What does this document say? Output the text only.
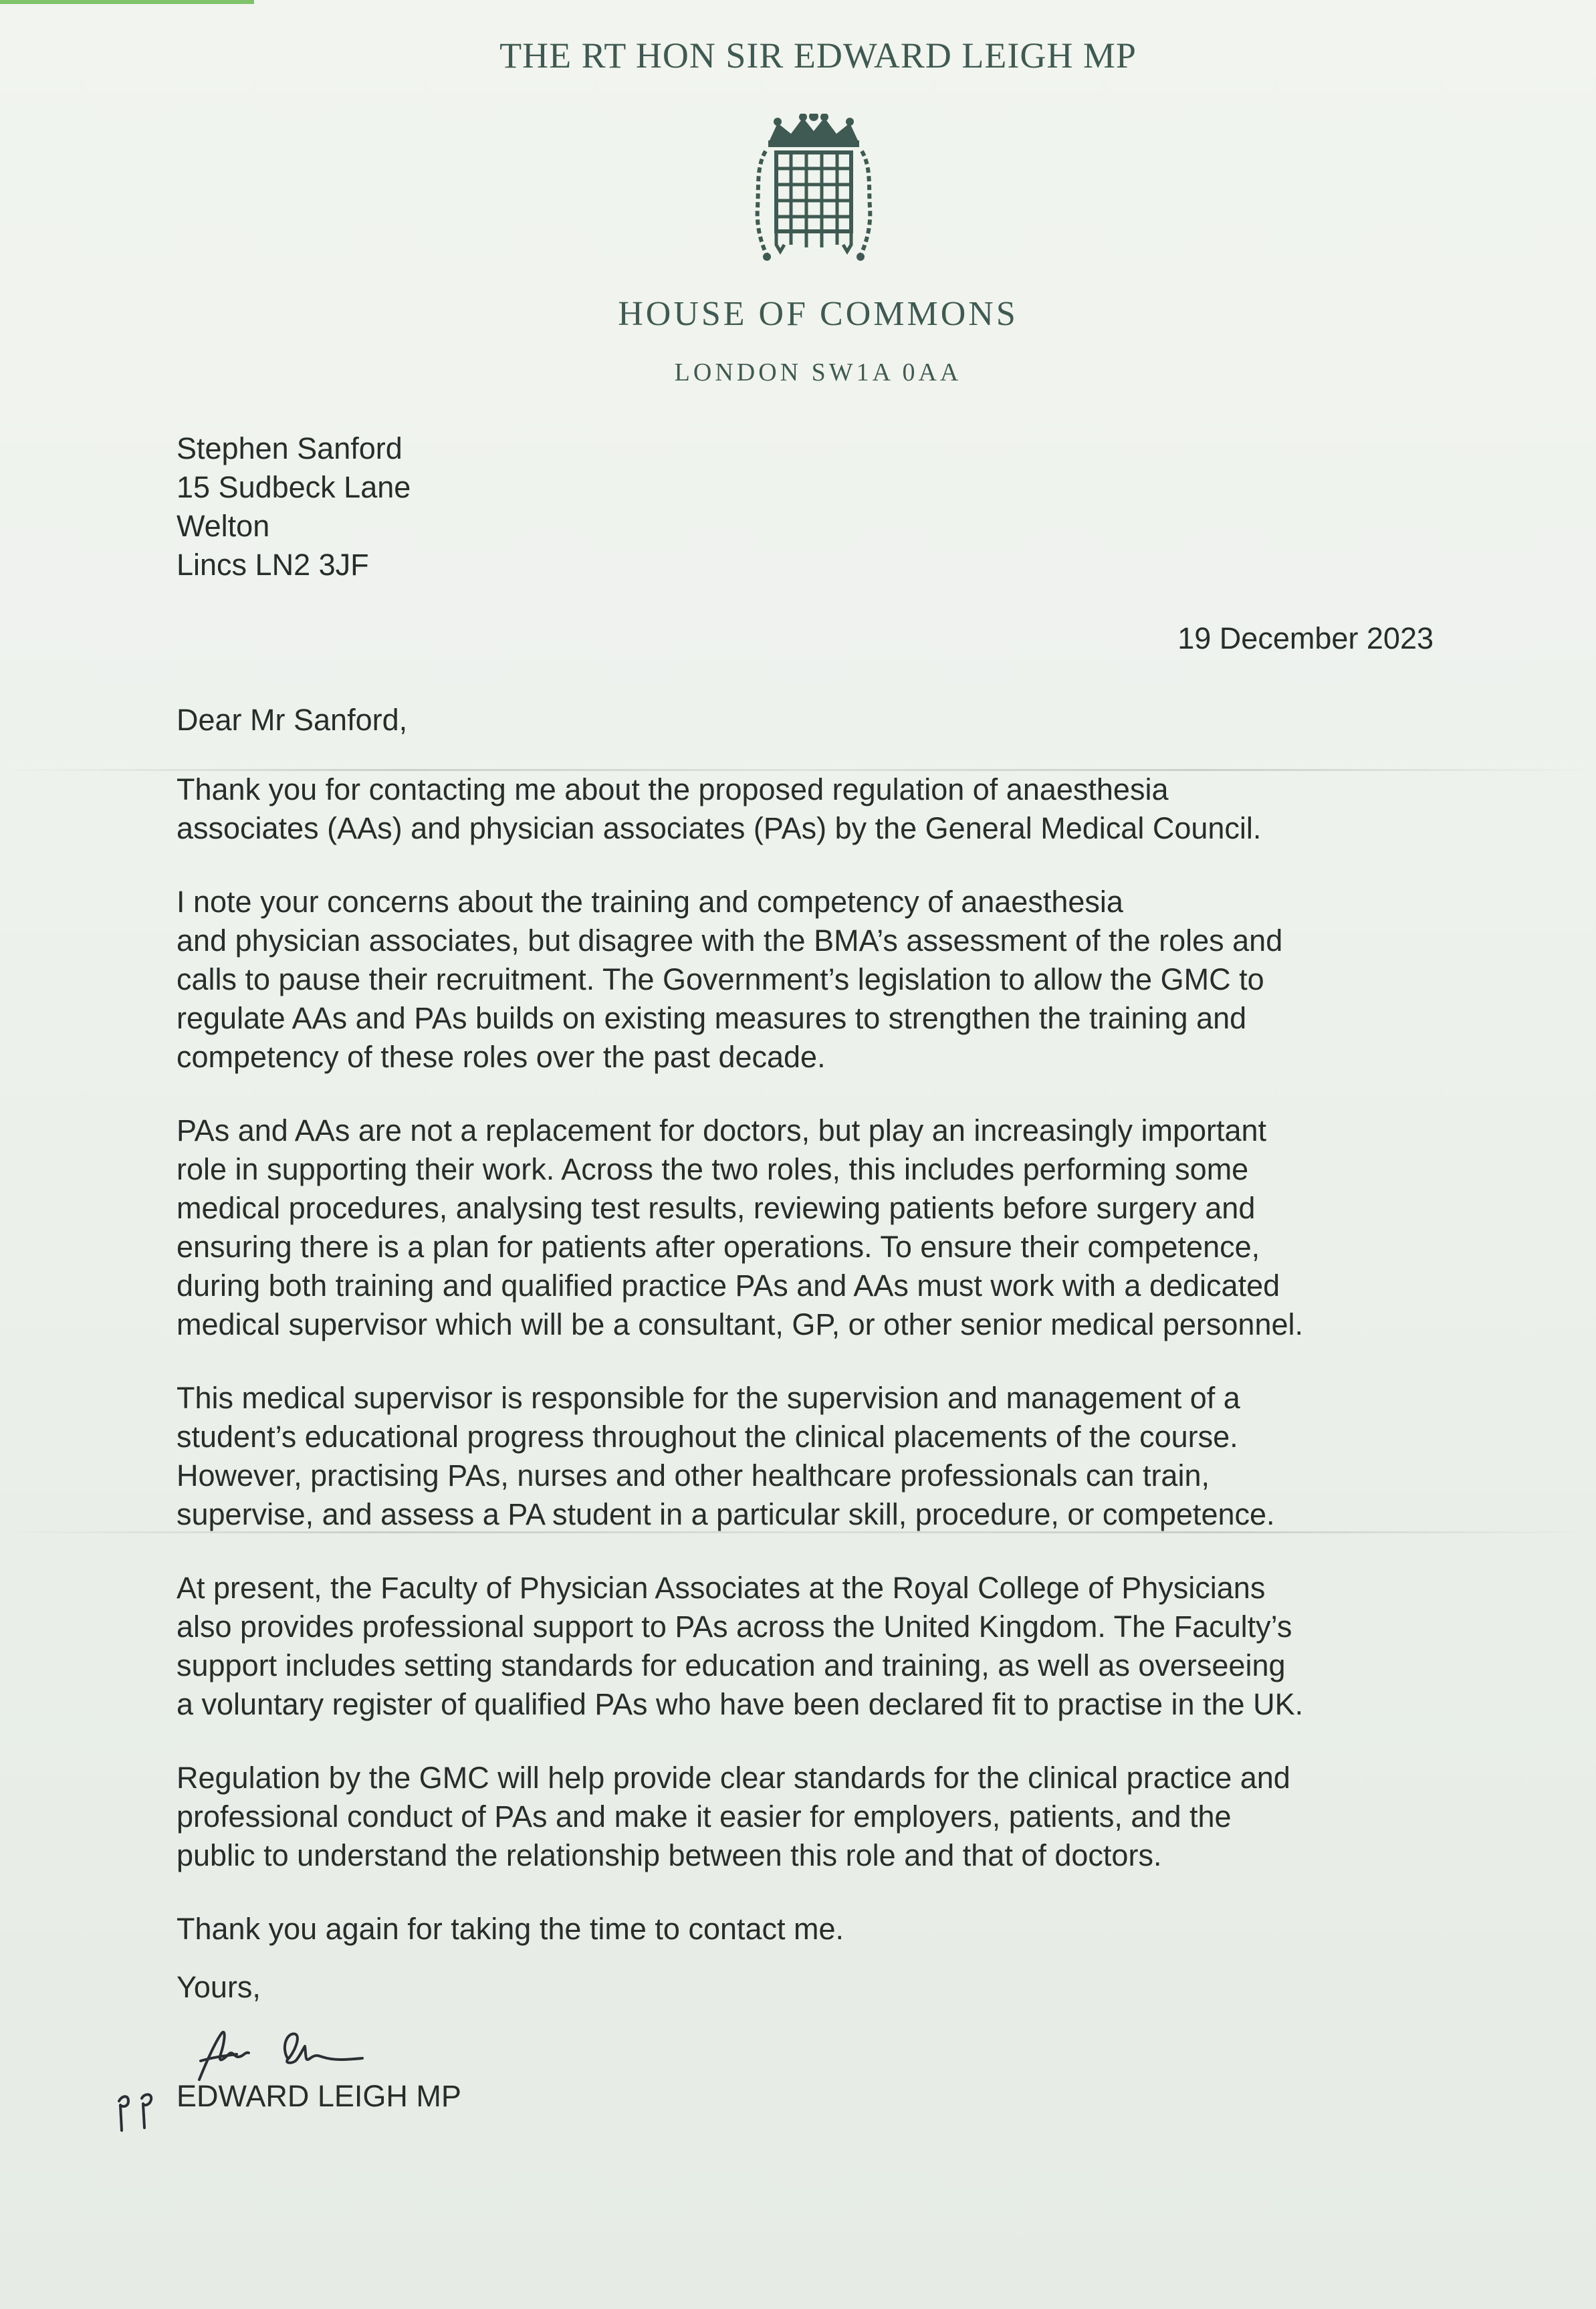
THE RT HON SIR EDWARD LEIGH MP
HOUSE OF COMMONS
LONDON SW1A 0AA
Stephen Sanford
15 Sudbeck Lane
Welton
Lincs LN2 3JF
19 December 2023
Dear Mr Sanford,

Thank you for contacting me about the proposed regulation of anaesthesia
associates (AAs) and physician associates (PAs) by the General Medical Council.

I note your concerns about the training and competency of anaesthesia
and physician associates, but disagree with the BMA’s assessment of the roles and
calls to pause their recruitment. The Government’s legislation to allow the GMC to
regulate AAs and PAs builds on existing measures to strengthen the training and
competency of these roles over the past decade.

PAs and AAs are not a replacement for doctors, but play an increasingly important
role in supporting their work. Across the two roles, this includes performing some
medical procedures, analysing test results, reviewing patients before surgery and
ensuring there is a plan for patients after operations. To ensure their competence,
during both training and qualified practice PAs and AAs must work with a dedicated
medical supervisor which will be a consultant, GP, or other senior medical personnel.

This medical supervisor is responsible for the supervision and management of a
student’s educational progress throughout the clinical placements of the course.
However, practising PAs, nurses and other healthcare professionals can train,
supervise, and assess a PA student in a particular skill, procedure, or competence.

At present, the Faculty of Physician Associates at the Royal College of Physicians
also provides professional support to PAs across the United Kingdom. The Faculty’s
support includes setting standards for education and training, as well as overseeing
a voluntary register of qualified PAs who have been declared fit to practise in the UK.

Regulation by the GMC will help provide clear standards for the clinical practice and
professional conduct of PAs and make it easier for employers, patients, and the
public to understand the relationship between this role and that of doctors.

Thank you again for taking the time to contact me.

Yours,
EDWARD LEIGH MP
